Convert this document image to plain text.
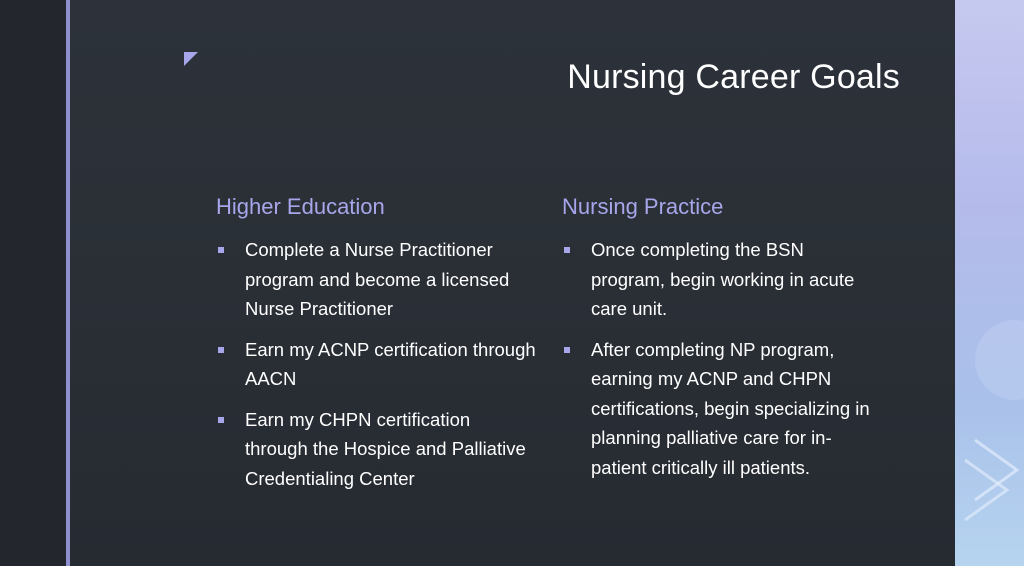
Nursing Career Goals
Higher Education
Complete a Nurse Practitioner program and become a licensed Nurse Practitioner
Earn my ACNP certification through AACN
Earn my CHPN certification through the Hospice and Palliative Credentialing Center
Nursing Practice
Once completing the BSN program, begin working in acute care unit.
After completing NP program, earning my ACNP and CHPN certifications, begin specializing in planning palliative care for in-patient critically ill patients.
